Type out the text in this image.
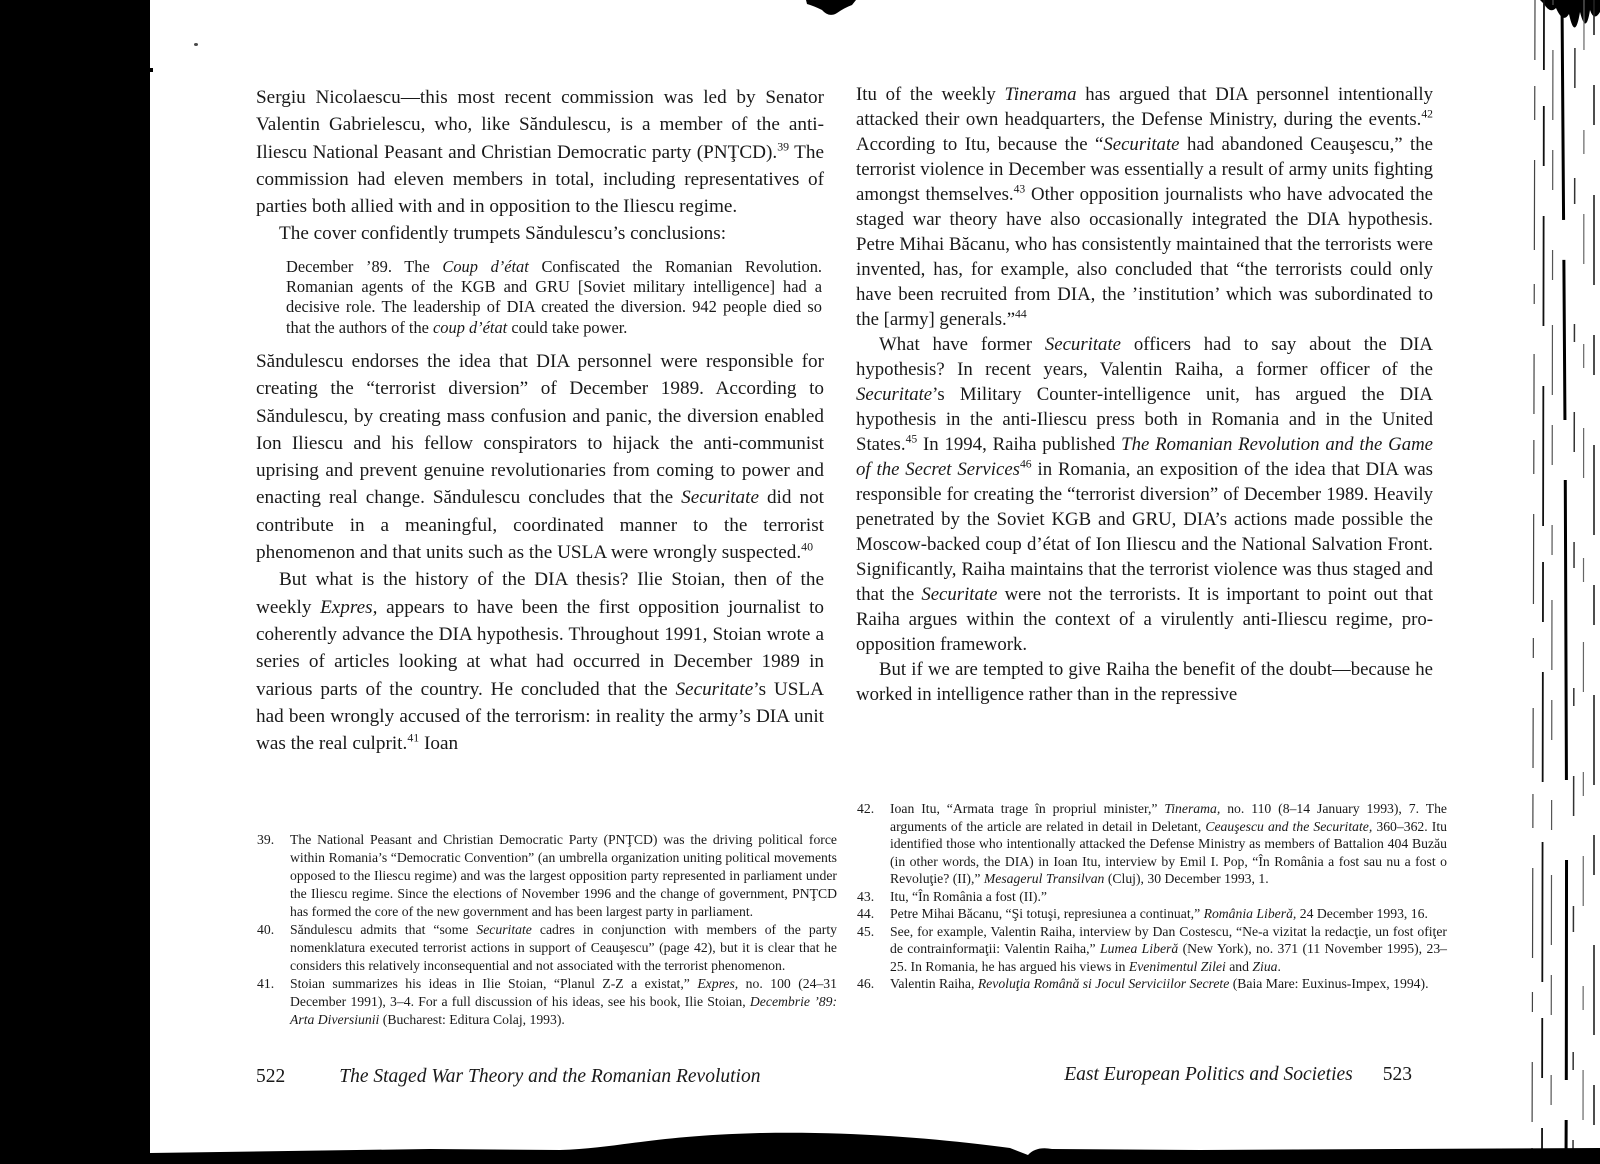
Sergiu Nicolaescu—this most recent commission was led by Senator Valentin Gabrielescu, who, like Săndulescu, is a member of the anti-Iliescu National Peasant and Christian Democratic party (PNŢCD).$^{39}$ The commission had eleven members in total, including representatives of parties both allied with and in opposition to the Iliescu regime.

The cover confidently trumpets Săndulescu’s conclusions:

December ’89. The Coup d’état Confiscated the Romanian Revolution. Romanian agents of the KGB and GRU [Soviet military intelligence] had a decisive role. The leadership of DIA created the diversion. 942 people died so that the authors of the coup d’état could take power.

Săndulescu endorses the idea that DIA personnel were responsible for creating the “terrorist diversion” of December 1989. According to Săndulescu, by creating mass confusion and panic, the diversion enabled Ion Iliescu and his fellow conspirators to hijack the anti-communist uprising and prevent genuine revolutionaries from coming to power and enacting real change. Săndulescu concludes that the Securitate did not contribute in a meaningful, coordinated manner to the terrorist phenomenon and that units such as the USLA were wrongly suspected.$^{40}$

But what is the history of the DIA thesis? Ilie Stoian, then of the weekly Expres, appears to have been the first opposition journalist to coherently advance the DIA hypothesis. Throughout 1991, Stoian wrote a series of articles looking at what had occurred in December 1989 in various parts of the country. He concluded that the Securitate’s USLA had been wrongly accused of the terrorism: in reality the army’s DIA unit was the real culprit.$^{41}$ Ioan

39. The National Peasant and Christian Democratic Party (PNŢCD) was the driving political force within Romania’s “Democratic Convention” (an umbrella organization uniting political movements opposed to the Iliescu regime) and was the largest opposition party represented in parliament under the Iliescu regime. Since the elections of November 1996 and the change of government, PNŢCD has formed the core of the new government and has been largest party in parliament.
40. Săndulescu admits that “some Securitate cadres in conjunction with members of the party nomenklatura executed terrorist actions in support of Ceauşescu” (page 42), but it is clear that he considers this relatively inconsequential and not associated with the terrorist phenomenon.
41. Stoian summarizes his ideas in Ilie Stoian, “Planul Z-Z a existat,” Expres, no. 100 (24–31 December 1991), 3–4. For a full discussion of his ideas, see his book, Ilie Stoian, Decembrie ’89: Arta Diversiunii (Bucharest: Editura Colaj, 1993).
522	The Staged War Theory and the Romanian Revolution

Itu of the weekly Tinerama has argued that DIA personnel intentionally attacked their own headquarters, the Defense Ministry, during the events.$^{42}$ According to Itu, because the “Securitate had abandoned Ceauşescu,” the terrorist violence in December was essentially a result of army units fighting amongst themselves.$^{43}$ Other opposition journalists who have advocated the staged war theory have also occasionally integrated the DIA hypothesis. Petre Mihai Băcanu, who has consistently maintained that the terrorists were invented, has, for example, also concluded that “the terrorists could only have been recruited from DIA, the ’institution’ which was subordinated to the [army] generals.”$^{44}$

What have former Securitate officers had to say about the DIA hypothesis? In recent years, Valentin Raiha, a former officer of the Securitate’s Military Counter-intelligence unit, has argued the DIA hypothesis in the anti-Iliescu press both in Romania and in the United States.$^{45}$ In 1994, Raiha published The Romanian Revolution and the Game of the Secret Services$^{46}$ in Romania, an exposition of the idea that DIA was responsible for creating the “terrorist diversion” of December 1989. Heavily penetrated by the Soviet KGB and GRU, DIA’s actions made possible the Moscow-backed coup d’état of Ion Iliescu and the National Salvation Front. Significantly, Raiha maintains that the terrorist violence was thus staged and that the Securitate were not the terrorists. It is important to point out that Raiha argues within the context of a virulently anti-Iliescu regime, pro-opposition framework.

But if we are tempted to give Raiha the benefit of the doubt—because he worked in intelligence rather than in the repressive

42. Ioan Itu, “Armata trage în propriul minister,” Tinerama, no. 110 (8–14 January 1993), 7. The arguments of the article are related in detail in Deletant, Ceauşescu and the Securitate, 360–362. Itu identified those who intentionally attacked the Defense Ministry as members of Battalion 404 Buzău (in other words, the DIA) in Ioan Itu, interview by Emil I. Pop, “În România a fost sau nu a fost o Revoluţie? (II),” Mesagerul Transilvan (Cluj), 30 December 1993, 1.
43. Itu, “În România a fost (II).”
44. Petre Mihai Băcanu, “Şi totuşi, represiunea a continuat,” România Liberă, 24 December 1993, 16.
45. See, for example, Valentin Raiha, interview by Dan Costescu, “Ne-a vizitat la redacţie, un fost ofiţer de contrainformaţii: Valentin Raiha,” Lumea Liberă (New York), no. 371 (11 November 1995), 23–25. In Romania, he has argued his views in Evenimentul Zilei and Ziua.
46. Valentin Raiha, Revoluţia Română si Jocul Serviciilor Secrete (Baia Mare: Euxinus-Impex, 1994).
East European Politics and Societies 523
